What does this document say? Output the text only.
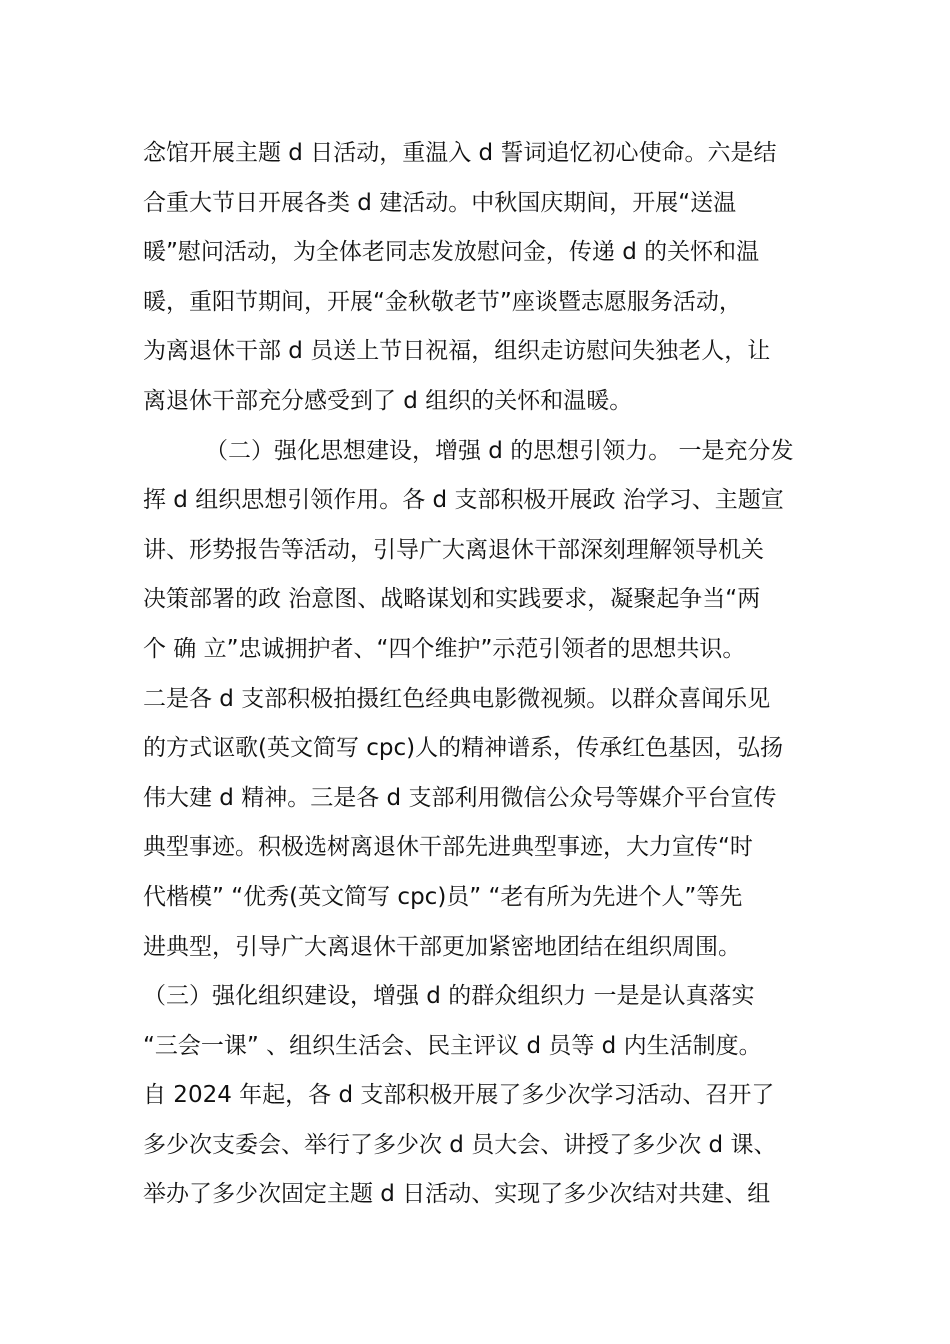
念馆开展主题 d 日活动，重温入 d 誓词追忆初心使命。六是结
合重大节日开展各类 d 建活动。中秋国庆期间，开展“送温
暖”慰问活动，为全体老同志发放慰问金，传递 d 的关怀和温
暖，重阳节期间，开展“金秋敬老节”座谈暨志愿服务活动，
为离退休干部 d 员送上节日祝福，组织走访慰问失独老人，让
离退休干部充分感受到了 d 组织的关怀和温暖。
（二）强化思想建设，增强 d 的思想引领力。 一是充分发
挥 d 组织思想引领作用。各 d 支部积极开展政 治学习、主题宣
讲、形势报告等活动，引导广大离退休干部深刻理解领导机关
决策部署的政 治意图、战略谋划和实践要求，凝聚起争当“两
个 确 立”忠诚拥护者、“四个维护”示范引领者的思想共识。
二是各 d 支部积极拍摄红色经典电影微视频。以群众喜闻乐见
的方式讴歌(英文简写 cpc)人的精神谱系，传承红色基因，弘扬
伟大建 d 精神。三是各 d 支部利用微信公众号等媒介平台宣传
典型事迹。积极选树离退休干部先进典型事迹，大力宣传“时
代楷模” “优秀(英文简写 cpc)员” “老有所为先进个人”等先
进典型，引导广大离退休干部更加紧密地团结在组织周围。
（三）强化组织建设，增强 d 的群众组织力 一是是认真落实
“三会一课” 、组织生活会、民主评议 d 员等 d 内生活制度。
自 2024 年起，各 d 支部积极开展了多少次学习活动、召开了
多少次支委会、举行了多少次 d 员大会、讲授了多少次 d 课、
举办了多少次固定主题 d 日活动、实现了多少次结对共建、组
